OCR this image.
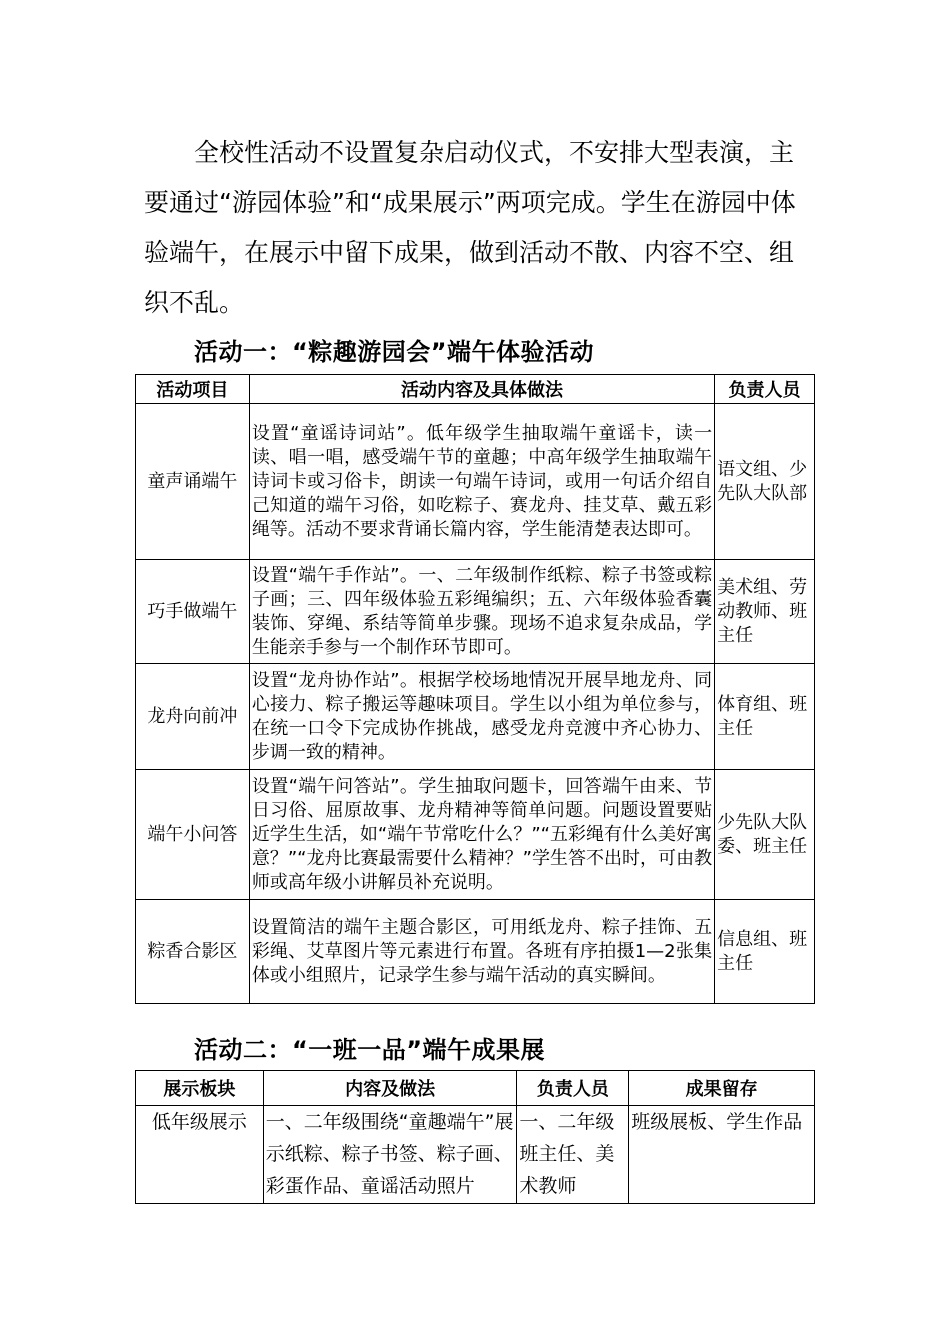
全校性活动不设置复杂启动仪式，不安排大型表演，主要通过“游园体验”和“成果展示”两项完成。学生在游园中体验端午，在展示中留下成果，做到活动不散、内容不空、组织不乱。

活动一：“粽趣游园会”端午体验活动
活动项目	活动内容及具体做法	负责人员
童声诵端午	设置“童谣诗词站”。低年级学生抽取端午童谣卡，读一读、唱一唱，感受端午节的童趣；中高年级学生抽取端午诗词卡或习俗卡，朗读一句端午诗词，或用一句话介绍自己知道的端午习俗，如吃粽子、赛龙舟、挂艾草、戴五彩绳等。活动不要求背诵长篇内容，学生能清楚表达即可。	语文组、少先队大队部
巧手做端午	设置“端午手作站”。一、二年级制作纸粽、粽子书签或粽子画；三、四年级体验五彩绳编织；五、六年级体验香囊装饰、穿绳、系结等简单步骤。现场不追求复杂成品，学生能亲手参与一个制作环节即可。	美术组、劳动教师、班主任
龙舟向前冲	设置“龙舟协作站”。根据学校场地情况开展旱地龙舟、同心接力、粽子搬运等趣味项目。学生以小组为单位参与，在统一口令下完成协作挑战，感受龙舟竞渡中齐心协力、步调一致的精神。	体育组、班主任
端午小问答	设置“端午问答站”。学生抽取问题卡，回答端午由来、节日习俗、屈原故事、龙舟精神等简单问题。问题设置要贴近学生生活，如“端午节常吃什么？”“五彩绳有什么美好寓意？”“龙舟比赛最需要什么精神？”学生答不出时，可由教师或高年级小讲解员补充说明。	少先队大队委、班主任
粽香合影区	设置简洁的端午主题合影区，可用纸龙舟、粽子挂饰、五彩绳、艾草图片等元素进行布置。各班有序拍摄1—2张集体或小组照片，记录学生参与端午活动的真实瞬间。	信息组、班主任
活动二：“一班一品”端午成果展
展示板块	内容及做法	负责人员	成果留存
低年级展示	一、二年级围绕“童趣端午”展示纸粽、粽子书签、粽子画、彩蛋作品、童谣活动照片	一、二年级班主任、美术教师	班级展板、学生作品
